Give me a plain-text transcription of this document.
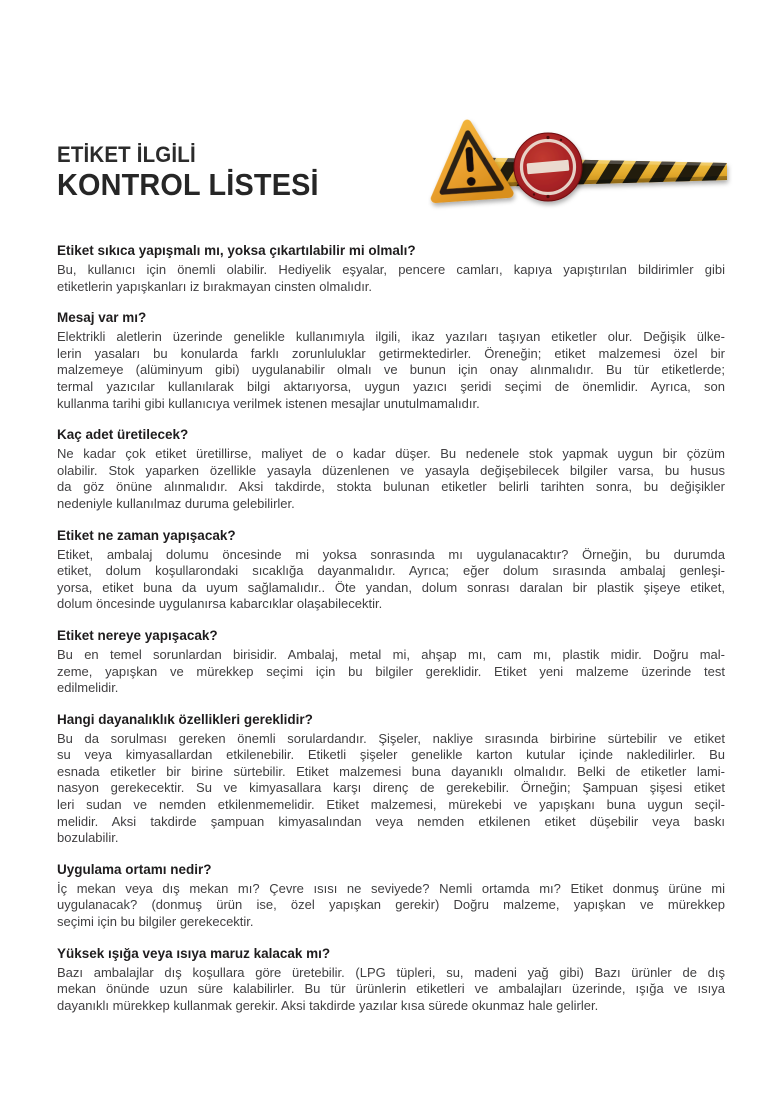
ETİKET İLGİLİ
KONTROL LİSTESİ
Etiket sıkıca yapışmalı mı, yoksa çıkartılabilir mi olmalı?
Bu, kullanıcı için önemli olabilir. Hediyelik eşyalar, pencere camları, kapıya yapıştırılan bildirimler gibi
etiketlerin yapışkanları iz bırakmayan cinsten olmalıdır.
Mesaj var mı?
Elektrikli aletlerin üzerinde genelikle kullanımıyla ilgili, ikaz yazıları taşıyan etiketler olur. Değişik ülke-
lerin yasaları bu konularda farklı zorunluluklar getirmektedirler. Öreneğin; etiket malzemesi özel bir
malzemeye (alüminyum gibi) uygulanabilir olmalı ve bunun için onay alınmalıdır. Bu tür etiketlerde;
termal yazıcılar kullanılarak bilgi aktarıyorsa, uygun yazıcı şeridi seçimi de önemlidir. Ayrıca, son
kullanma tarihi gibi kullanıcıya verilmek istenen mesajlar unutulmamalıdır.
Kaç adet üretilecek?
Ne kadar çok etiket üretillirse, maliyet de o kadar düşer. Bu nedenele stok yapmak uygun bir çözüm
olabilir. Stok yaparken özellikle yasayla düzenlenen ve yasayla değişebilecek bilgiler varsa, bu husus
da göz önüne alınmalıdır. Aksi takdirde, stokta bulunan etiketler belirli tarihten sonra, bu değişikler
nedeniyle kullanılmaz duruma gelebilirler.
Etiket ne zaman yapışacak?
Etiket, ambalaj dolumu öncesinde mi yoksa sonrasında mı uygulanacaktır? Örneğin, bu durumda
etiket, dolum koşullarondaki sıcaklığa dayanmalıdır. Ayrıca; eğer dolum sırasında ambalaj genleşi-
yorsa, etiket buna da uyum sağlamalıdır.. Öte yandan, dolum sonrası daralan bir plastik şişeye etiket,
dolum öncesinde uygulanırsa kabarcıklar olaşabilecektir.
Etiket nereye yapışacak?
Bu en temel sorunlardan birisidir. Ambalaj, metal mi, ahşap mı, cam mı, plastik midir. Doğru mal-
zeme, yapışkan ve mürekkep seçimi için bu bilgiler gereklidir. Etiket yeni malzeme üzerinde test
edilmelidir.
Hangi dayanalıklık özellikleri gereklidir?
Bu da sorulması gereken önemli sorulardandır. Şişeler, nakliye sırasında birbirine sürtebilir ve etiket
su veya kimyasallardan etkilenebilir. Etiketli şişeler genelikle karton kutular içinde nakledilirler. Bu
esnada etiketler bir birine sürtebilir. Etiket malzemesi buna dayanıklı olmalıdır. Belki de etiketler lami-
nasyon gerekecektir. Su ve kimyasallara karşı direnç de gerekebilir. Örneğin; Şampuan şişesi etiket
leri sudan ve nemden etkilenmemelidir. Etiket malzemesi, mürekebi ve yapışkanı buna uygun seçil-
melidir. Aksi takdirde şampuan kimyasalından veya nemden etkilenen etiket düşebilir veya baskı
bozulabilir.
Uygulama ortamı nedir?
İç mekan veya dış mekan mı? Çevre ısısı ne seviyede? Nemli ortamda mı? Etiket donmuş ürüne mi
uygulanacak? (donmuş ürün ise, özel yapışkan gerekir) Doğru malzeme, yapışkan ve mürekkep
seçimi için bu bilgiler gerekecektir.
Yüksek ışığa veya ısıya maruz kalacak mı?
Bazı ambalajlar dış koşullara göre üretebilir. (LPG tüpleri, su, madeni yağ gibi) Bazı ürünler de dış
mekan önünde uzun süre kalabilirler. Bu tür ürünlerin etiketleri ve ambalajları üzerinde, ışığa ve ısıya
dayanıklı mürekkep kullanmak gerekir. Aksi takdirde yazılar kısa sürede okunmaz hale gelirler.
